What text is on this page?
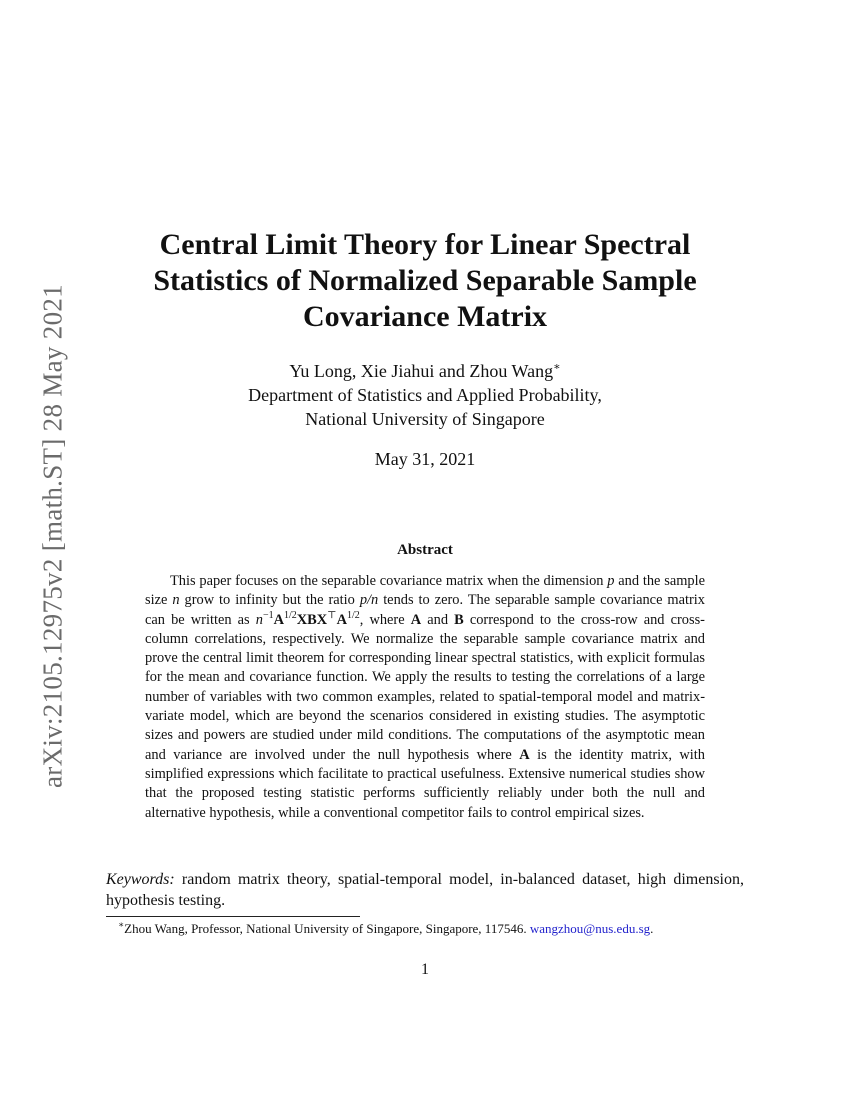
arXiv:2105.12975v2 [math.ST] 28 May 2021
Central Limit Theory for Linear Spectral
Statistics of Normalized Separable Sample
Covariance Matrix
Yu Long, Xie Jiahui and Zhou Wang∗
Department of Statistics and Applied Probability,
National University of Singapore
May 31, 2021
Abstract

This paper focuses on the separable covariance matrix when the dimension p and the sample size n grow to infinity but the ratio p/n tends to zero. The separable sample covariance matrix can be written as $n^{-1}A^{1/2}XBX^⊤A^{1/2}$, where A and B correspond to the cross-row and cross-column correlations, respectively. We normalize the separable sample covariance matrix and prove the central limit theorem for corresponding linear spectral statistics, with explicit formulas for the mean and covariance function. We apply the results to testing the correlations of a large number of variables with two common examples, related to spatial-temporal model and matrix-variate model, which are beyond the scenarios considered in existing studies. The asymptotic sizes and powers are studied under mild conditions. The computations of the asymptotic mean and variance are involved under the null hypothesis where A is the identity matrix, with simplified expressions which facilitate to practical usefulness. Extensive numerical studies show that the proposed testing statistic performs sufficiently reliably under both the null and alternative hypothesis, while a conventional competitor fails to control empirical sizes.

Keywords: random matrix theory, spatial-temporal model, in-balanced dataset, high dimension, hypothesis testing.

∗Zhou Wang, Professor, National University of Singapore, Singapore, 117546. wangzhou@nus.edu.sg.
1
